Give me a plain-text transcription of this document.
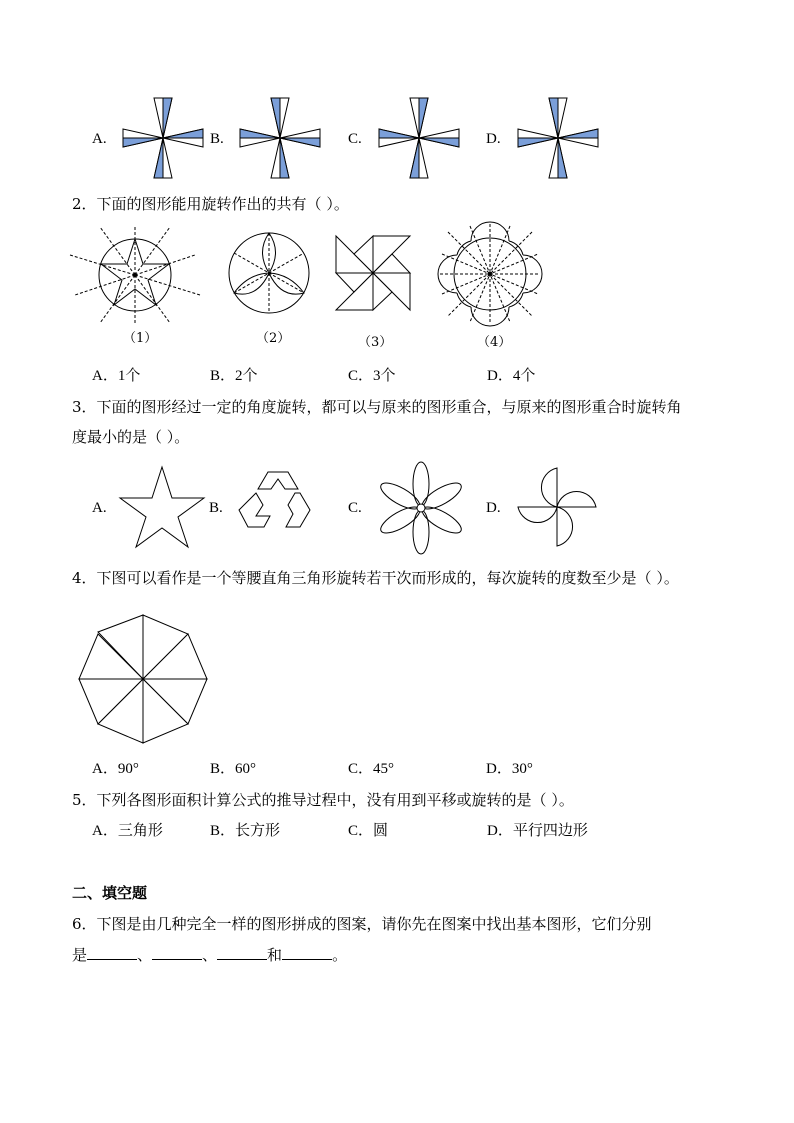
A.	B.	C.	D.
2．下面的图形能用旋转作出的共有（ ）。
（1）	（2）	（3）	（4）
A．1个	B．2个	C．3个	D．4个
3．下面的图形经过一定的角度旋转，都可以与原来的图形重合，与原来的图形重合时旋转角
度最小的是（ ）。
A.	B.	C.	D.
4．下图可以看作是一个等腰直角三角形旋转若干次而形成的，每次旋转的度数至少是（ ）。
A．90°	B．60°	C．45°	D．30°
5．下列各图形面积计算公式的推导过程中，没有用到平移或旋转的是（ ）。
A．三角形	B．长方形	C．圆	D．平行四边形
二、填空题
6．下图是由几种完全一样的图形拼成的图案，请你先在图案中找出基本图形，它们分别
是	、	、	和	。
